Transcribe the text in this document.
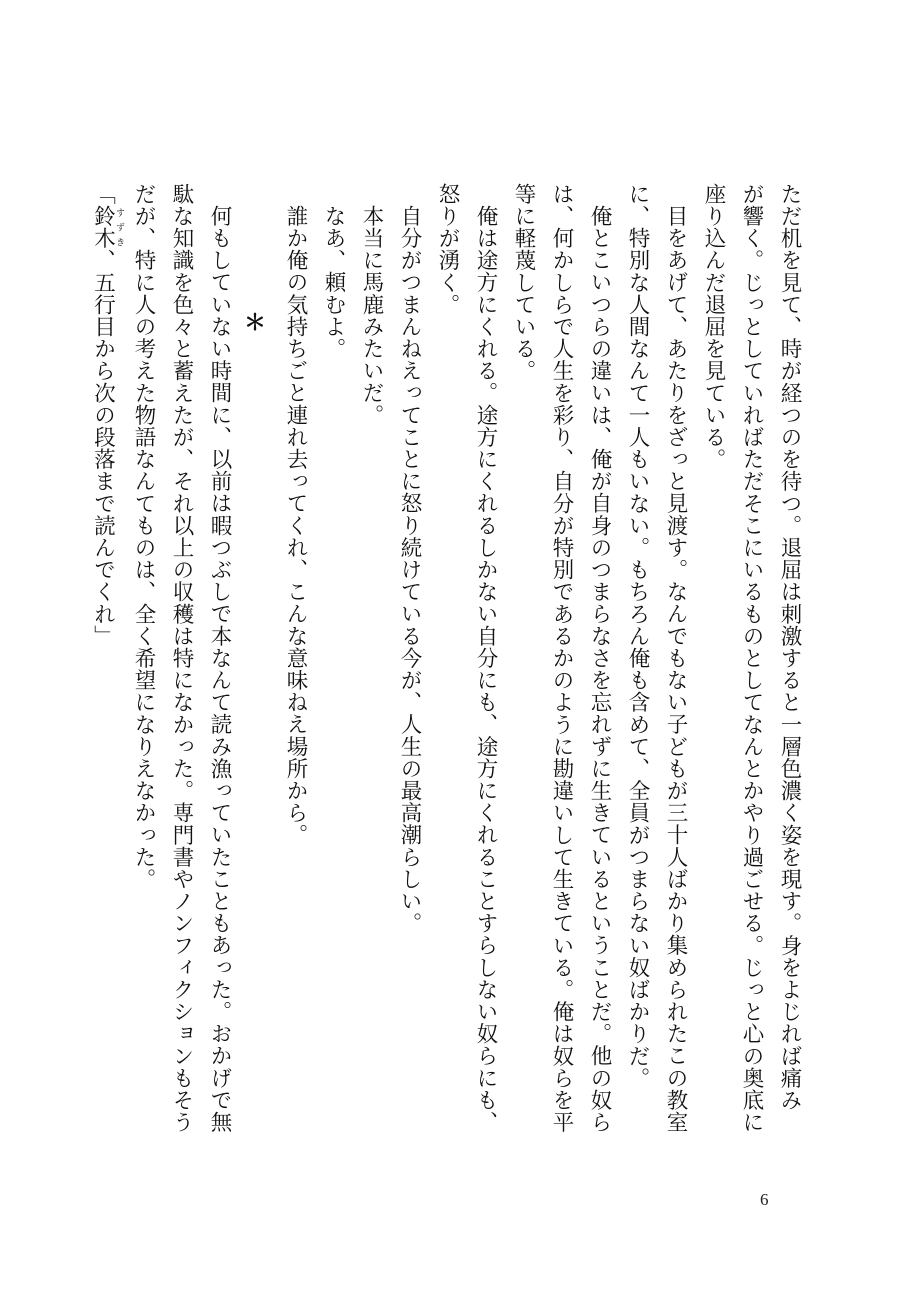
ただ机を見て、時が経つのを待つ。退屈は刺激すると一層色濃く姿を現す。身をよじれば痛み
が響く。じっとしていればただそこにいるものとしてなんとかやり過ごせる。じっと心の奥底に
座り込んだ退屈を見ている。
目をあげて、あたりをざっと見渡す。なんでもない子どもが三十人ばかり集められたこの教室
に、特別な人間なんて一人もいない。もちろん俺も含めて、全員がつまらない奴ばかりだ。
俺とこいつらの違いは、俺が自身のつまらなさを忘れずに生きているということだ。他の奴ら
は、何かしらで人生を彩り、自分が特別であるかのように勘違いして生きている。俺は奴らを平
等に軽蔑している。
俺は途方にくれる。途方にくれるしかない自分にも、途方にくれることすらしない奴らにも、
怒りが湧く。
自分がつまんねえってことに怒り続けている今が、人生の最高潮らしい。
本当に馬鹿みたいだ。
なあ、頼むよ。
誰か俺の気持ちごと連れ去ってくれ、こんな意味ねえ場所から。
＊
何もしていない時間に、以前は暇つぶしで本なんて読み漁っていたこともあった。おかげで無
駄な知識を色々と蓄えたが、それ以上の収穫は特になかった。専門書やノンフィクションもそう
だが、特に人の考えた物語なんてものは、全く希望になりえなかった。
「鈴木すずき、五行目から次の段落まで読んでくれ」
6
